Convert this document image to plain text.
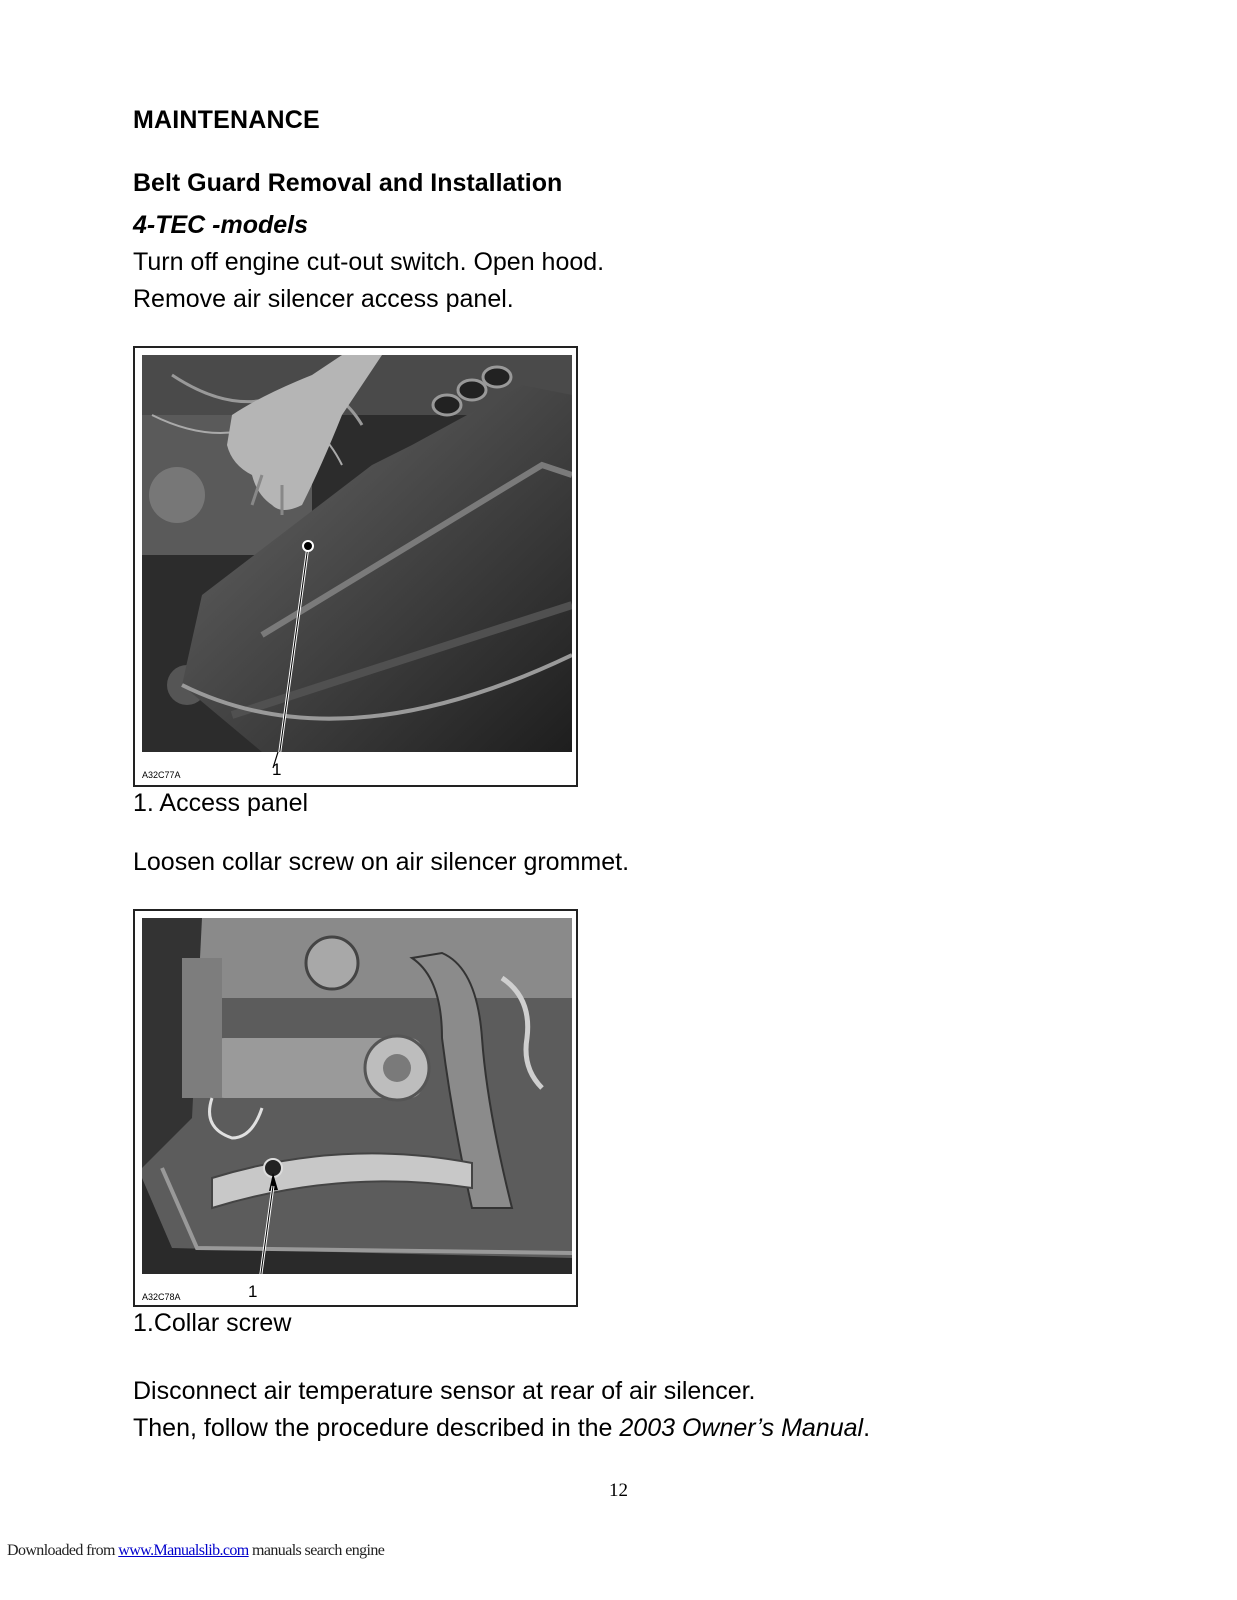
MAINTENANCE
Belt Guard Removal and Installation
4-TEC -models
Turn off engine cut-out switch. Open hood.
Remove air silencer access panel.
A32C77A	1
1. Access panel
Loosen collar screw on air silencer grommet.
A32C78A	1
1.Collar screw
Disconnect air temperature sensor at rear of air silencer.
Then, follow the procedure described in the 2003 Owner’s Manual.
12
Downloaded from www.Manualslib.com manuals search engine
